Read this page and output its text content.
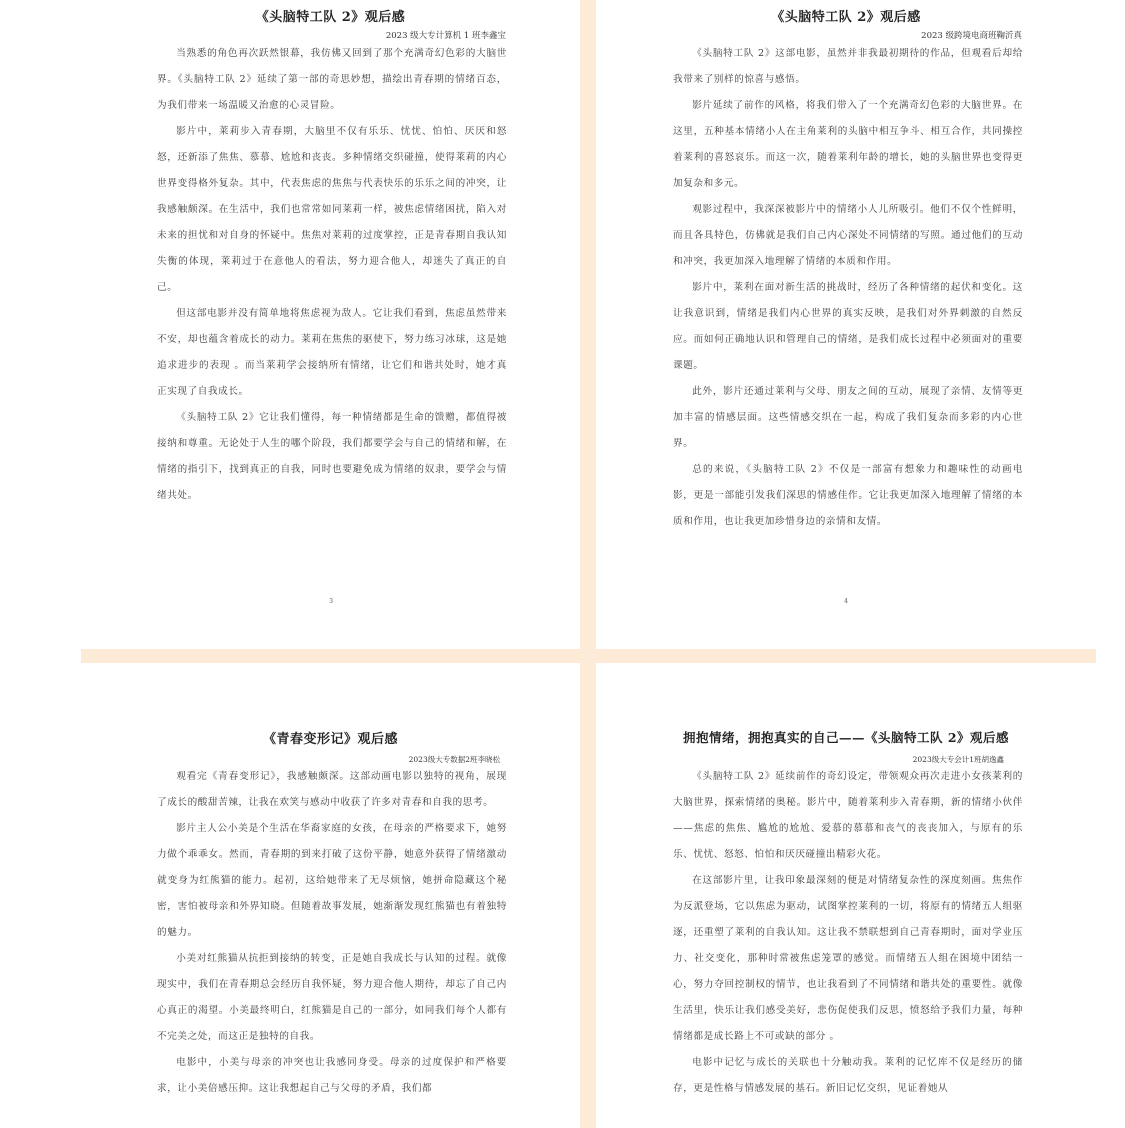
《头脑特工队 2》观后感
2023 级大专计算机 1 班李鑫宝

当熟悉的角色再次跃然银幕，我仿佛又回到了那个充满奇幻色彩的大脑世界。《头脑特工队 2》延续了第一部的奇思妙想，描绘出青春期的情绪百态，为我们带来一场温暖又治愈的心灵冒险。

影片中，莱莉步入青春期，大脑里不仅有乐乐、忧忧、怕怕、厌厌和怒怒，还新添了焦焦、慕慕、尬尬和丧丧。多种情绪交织碰撞，使得莱莉的内心世界变得格外复杂。其中，代表焦虑的焦焦与代表快乐的乐乐之间的冲突，让我感触颇深。在生活中，我们也常常如同莱莉一样，被焦虑情绪困扰，陷入对未来的担忧和对自身的怀疑中。焦焦对莱莉的过度掌控，正是青春期自我认知失衡的体现，莱莉过于在意他人的看法，努力迎合他人，却迷失了真正的自己。

但这部电影并没有简单地将焦虑视为敌人。它让我们看到，焦虑虽然带来不安，却也蕴含着成长的动力。莱莉在焦焦的驱使下，努力练习冰球，这是她追求进步的表现 。而当莱莉学会接纳所有情绪，让它们和谐共处时，她才真正实现了自我成长。

《头脑特工队 2》它让我们懂得，每一种情绪都是生命的馈赠，都值得被接纳和尊重。无论处于人生的哪个阶段，我们都要学会与自己的情绪和解，在情绪的指引下，找到真正的自我，同时也要避免成为情绪的奴隶，要学会与情绪共处。

3
《头脑特工队 2》观后感
2023 级跨境电商班鞠沂真

《头脑特工队 2》这部电影，虽然并非我最初期待的作品，但观看后却给我带来了别样的惊喜与感悟。

影片延续了前作的风格，将我们带入了一个充满奇幻色彩的大脑世界。在这里，五种基本情绪小人在主角莱利的头脑中相互争斗、相互合作，共同操控着莱利的喜怒哀乐。而这一次，随着莱利年龄的增长，她的头脑世界也变得更加复杂和多元。

观影过程中，我深深被影片中的情绪小人儿所吸引。他们不仅个性鲜明，而且各具特色，仿佛就是我们自己内心深处不同情绪的写照。通过他们的互动和冲突，我更加深入地理解了情绪的本质和作用。

影片中，莱利在面对新生活的挑战时，经历了各种情绪的起伏和变化。这让我意识到，情绪是我们内心世界的真实反映，是我们对外界刺激的自然反应。而如何正确地认识和管理自己的情绪，是我们成长过程中必须面对的重要课题。

此外，影片还通过莱利与父母、朋友之间的互动，展现了亲情、友情等更加丰富的情感层面。这些情感交织在一起，构成了我们复杂而多彩的内心世界。

总的来说，《头脑特工队 2》不仅是一部富有想象力和趣味性的动画电影，更是一部能引发我们深思的情感佳作。它让我更加深入地理解了情绪的本质和作用，也让我更加珍惜身边的亲情和友情。

4
《青春变形记》观后感
2023级大专数据2班李晓松

观看完《青春变形记》，我感触颇深。这部动画电影以独特的视角，展现了成长的酸甜苦辣，让我在欢笑与感动中收获了许多对青春和自我的思考。

影片主人公小美是个生活在华裔家庭的女孩，在母亲的严格要求下，她努力做个乖乖女。然而，青春期的到来打破了这份平静，她意外获得了情绪激动就变身为红熊猫的能力。起初，这给她带来了无尽烦恼，她拼命隐藏这个秘密，害怕被母亲和外界知晓。但随着故事发展，她渐渐发现红熊猫也有着独特的魅力。

小美对红熊猫从抗拒到接纳的转变，正是她自我成长与认知的过程。就像现实中，我们在青春期总会经历自我怀疑，努力迎合他人期待，却忘了自己内心真正的渴望。小美最终明白，红熊猫是自己的一部分，如同我们每个人都有不完美之处，而这正是独特的自我。

电影中，小美与母亲的冲突也让我感同身受。母亲的过度保护和严格要求，让小美倍感压抑。这让我想起自己与父母的矛盾，我们都

拥抱情绪，拥抱真实的自己——《头脑特工队 2》观后感
2023级大专会计1班胡逸鑫

《头脑特工队 2》延续前作的奇幻设定，带领观众再次走进小女孩莱利的大脑世界，探索情绪的奥秘。影片中，随着莱利步入青春期，新的情绪小伙伴——焦虑的焦焦、尴尬的尬尬、爱慕的慕慕和丧气的丧丧加入，与原有的乐乐、忧忧、怒怒、怕怕和厌厌碰撞出精彩火花。

在这部影片里，让我印象最深刻的便是对情绪复杂性的深度刻画。焦焦作为反派登场，它以焦虑为驱动，试图掌控莱利的一切，将原有的情绪五人组驱逐，还重塑了莱利的自我认知。这让我不禁联想到自己青春期时，面对学业压力、社交变化，那种时常被焦虑笼罩的感觉。而情绪五人组在困境中团结一心，努力夺回控制权的情节，也让我看到了不同情绪和谐共处的重要性。就像生活里，快乐让我们感受美好，悲伤促使我们反思，愤怒给予我们力量，每种情绪都是成长路上不可或缺的部分 。

电影中记忆与成长的关联也十分触动我。莱利的记忆库不仅是经历的储存，更是性格与情感发展的基石。新旧记忆交织，见证着她从
